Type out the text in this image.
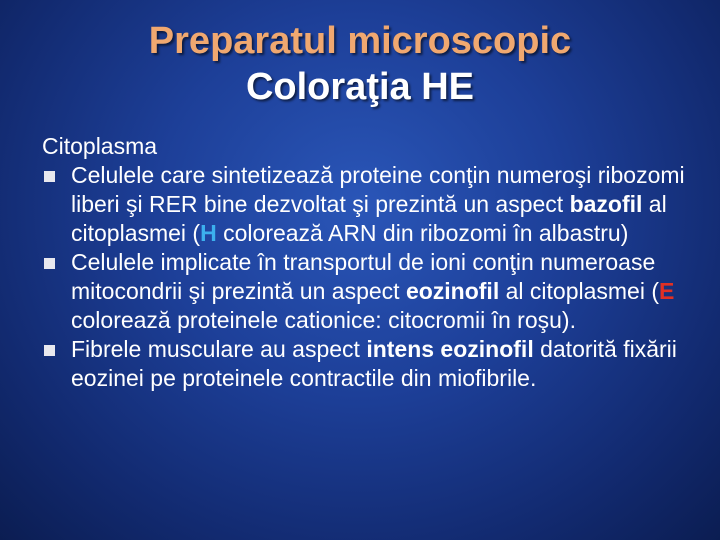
Preparatul microscopic
Coloraţia HE
Citoplasma
Celulele care sintetizează proteine conţin numeroşi ribozomi liberi şi RER bine dezvoltat şi prezintă un aspect bazofil al citoplasmei (H colorează ARN din ribozomi în albastru)
Celulele implicate în transportul de ioni conţin numeroase mitocondrii şi prezintă un aspect eozinofil al citoplasmei (E colorează proteinele cationice: citocromii în roşu).
Fibrele musculare au aspect intens eozinofil datorită fixării eozinei pe proteinele contractile din miofibrile.
